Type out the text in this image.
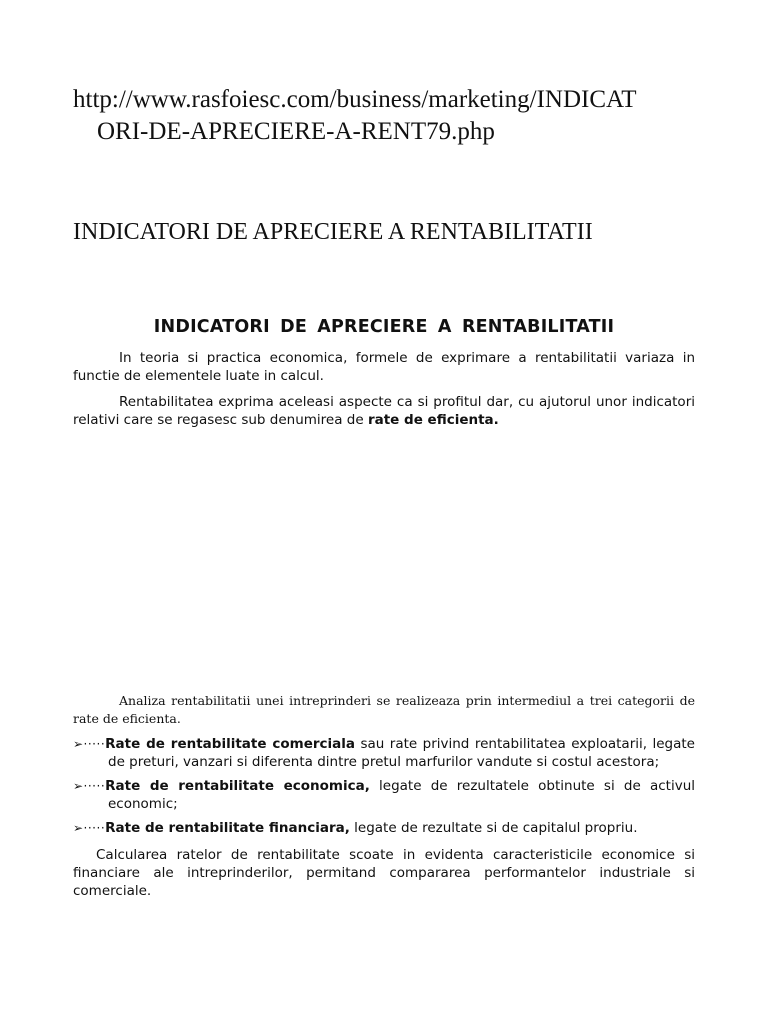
http://www.rasfoiesc.com/business/marketing/INDICAT
ORI-DE-APRECIERE-A-RENT79.php
INDICATORI DE APRECIERE A RENTABILITATII
INDICATORI DE APRECIERE A RENTABILITATII

In teoria si practica economica, formele de exprimare a rentabilitatii variaza in functie de elementele luate in calcul.

Rentabilitatea exprima aceleasi aspecte ca si profitul dar, cu ajutorul unor indicatori relativi care se regasesc sub denumirea de rate de eficienta.

Analiza rentabilitatii unei intreprinderi se realizeaza prin intermediul a trei categorii de rate de eficienta.

➢·····Rate de rentabilitate comerciala sau rate privind rentabilitatea exploatarii, legate de preturi, vanzari si diferenta dintre pretul marfurilor vandute si costul acestora;
➢·····Rate de rentabilitate economica, legate de rezultatele obtinute si de activul economic;
➢·····Rate de rentabilitate financiara, legate de rezultate si de capitalul propriu.

Calcularea ratelor de rentabilitate scoate in evidenta caracteristicile economice si financiare ale intreprinderilor, permitand compararea performantelor industriale si comerciale.
